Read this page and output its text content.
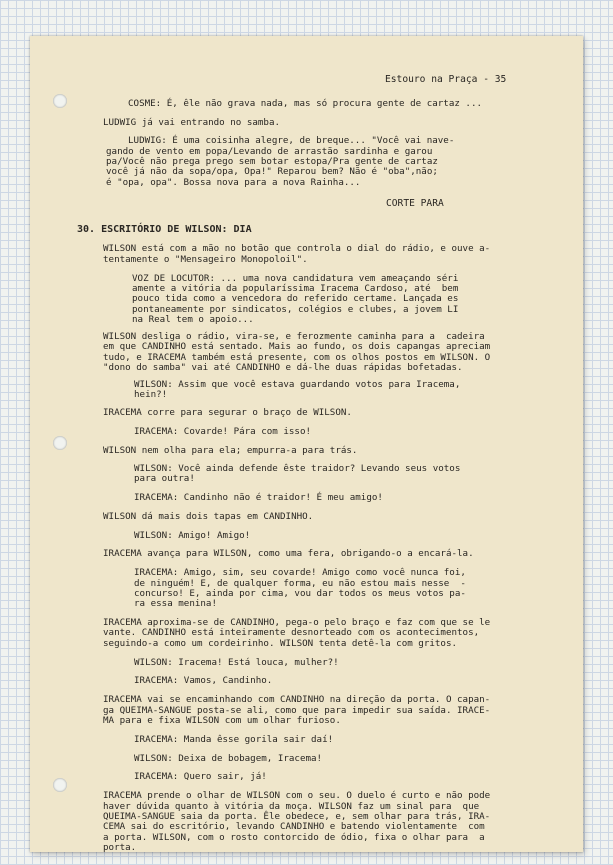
Estouro na Praça - 35
COSME: É, êle não grava nada, mas só procura gente de cartaz ...
LUDWIG já vai entrando no samba.
LUDWIG: É uma coisinha alegre, de breque... "Você vai nave-
gando de vento em popa/Levando de arrastão sardinha e garou
pa/Você não prega prego sem botar estopa/Pra gente de cartaz
você já não da sopa/opa, Opa!" Reparou bem? Não é "oba",não;
é "opa, opa". Bossa nova para a nova Rainha...
CORTE PARA
30. ESCRITÓRIO DE WILSON: DIA
WILSON está com a mão no botão que controla o dial do rádio, e ouve a-
tentamente o "Mensageiro Monopoloil".
VOZ DE LOCUTOR: ... uma nova candidatura vem ameaçando séri
amente a vitória da popularíssima Iracema Cardoso, até  bem
pouco tida como a vencedora do referido certame. Lançada es
pontaneamente por sindicatos, colégios e clubes, a jovem LI
na Real tem o apoio...
WILSON desliga o rádio, vira-se, e ferozmente caminha para a  cadeira
em que CANDINHO está sentado. Mais ao fundo, os dois capangas apreciam
tudo, e IRACEMA também está presente, com os olhos postos em WILSON. O
"dono do samba" vai até CANDINHO e dá-lhe duas rápidas bofetadas.
WILSON: Assim que você estava guardando votos para Iracema,
hein?!
IRACEMA corre para segurar o braço de WILSON.
IRACEMA: Covarde! Pára com isso!
WILSON nem olha para ela; empurra-a para trás.
WILSON: Você ainda defende êste traidor? Levando seus votos
para outra!
IRACEMA: Candinho não é traidor! É meu amigo!
WILSON dá mais dois tapas em CANDINHO.
WILSON: Amigo! Amigo!
IRACEMA avança para WILSON, como uma fera, obrigando-o a encará-la.
IRACEMA: Amigo, sim, seu covarde! Amigo como você nunca foi,
de ninguém! E, de qualquer forma, eu não estou mais nesse  -
concurso! E, ainda por cima, vou dar todos os meus votos pa-
ra essa menina!
IRACEMA aproxima-se de CANDINHO, pega-o pelo braço e faz com que se le
vante. CANDINHO está inteiramente desnorteado com os acontecimentos,
seguindo-a como um cordeirinho. WILSON tenta detê-la com gritos.
WILSON: Iracema! Está louca, mulher?!
IRACEMA: Vamos, Candinho.
IRACEMA vai se encaminhando com CANDINHO na direção da porta. O capan-
ga QUEIMA-SANGUE posta-se ali, como que para impedir sua saída. IRACE-
MA para e fixa WILSON com um olhar furioso.
IRACEMA: Manda êsse gorila sair daí!
WILSON: Deixa de bobagem, Iracema!
IRACEMA: Quero sair, já!
IRACEMA prende o olhar de WILSON com o seu. O duelo é curto e não pode
haver dúvida quanto à vitória da moça. WILSON faz um sinal para  que
QUEIMA-SANGUE saia da porta. Êle obedece, e, sem olhar para trás, IRA-
CEMA sai do escritório, levando CANDINHO e batendo violentamente  com
a porta. WILSON, com o rosto contorcido de ódio, fixa o olhar para  a
porta.
